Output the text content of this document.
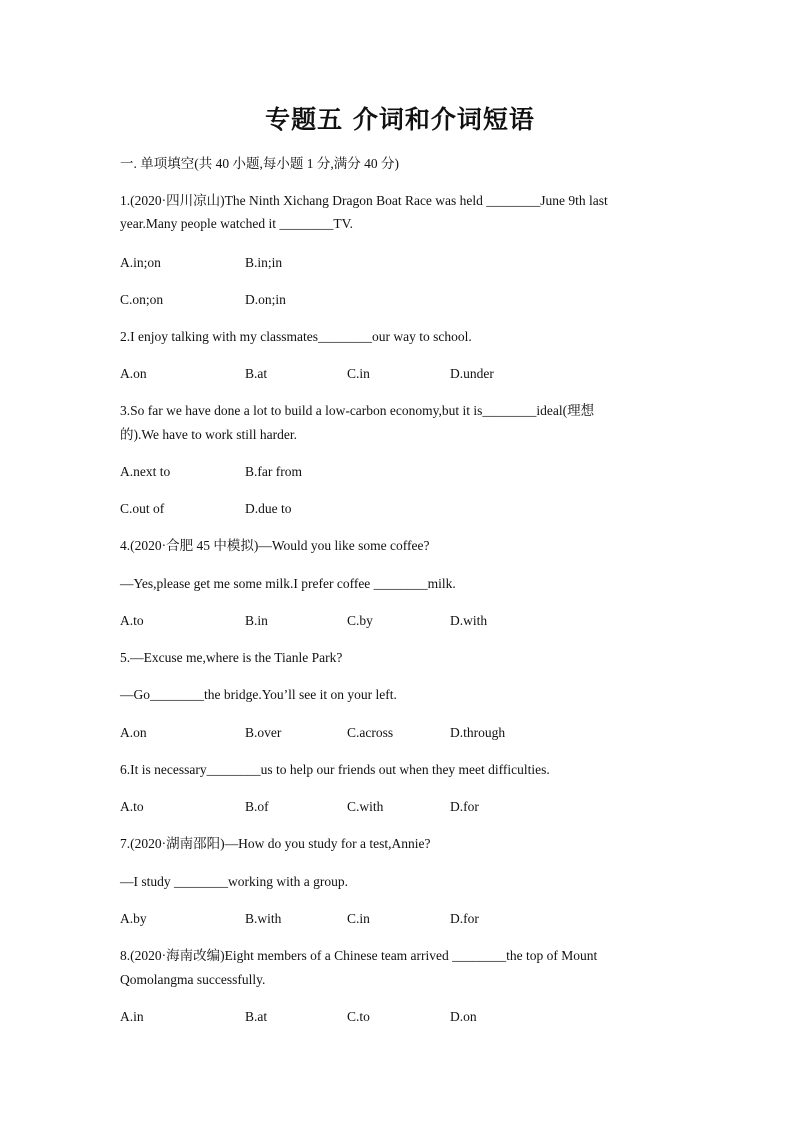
专题五 介词和介词短语
一. 单项填空(共 40 小题,每小题 1 分,满分 40 分)
1.(2020·四川凉山)The Ninth Xichang Dragon Boat Race was held ________June 9th last
year.Many people watched it ________TV.
A.in;on	B.in;in
C.on;on	D.on;in
2.I enjoy talking with my classmates________our way to school.
A.on	B.at	C.in	D.under
3.So far we have done a lot to build a low-carbon economy,but it is________ideal(理想
的).We have to work still harder.
A.next to	B.far from
C.out of	D.due to
4.(2020·合肥 45 中模拟)—Would you like some coffee?
—Yes,please get me some milk.I prefer coffee ________milk.
A.to	B.in	C.by	D.with
5.—Excuse me,where is the Tianle Park?
—Go________the bridge.You’ll see it on your left.
A.on	B.over	C.across	D.through
6.It is necessary________us to help our friends out when they meet difficulties.
A.to	B.of	C.with	D.for
7.(2020·湖南邵阳)—How do you study for a test,Annie?
—I study ________working with a group.
A.by	B.with	C.in	D.for
8.(2020·海南改编)Eight members of a Chinese team arrived ________the top of Mount
Qomolangma successfully.
A.in	B.at	C.to	D.on
